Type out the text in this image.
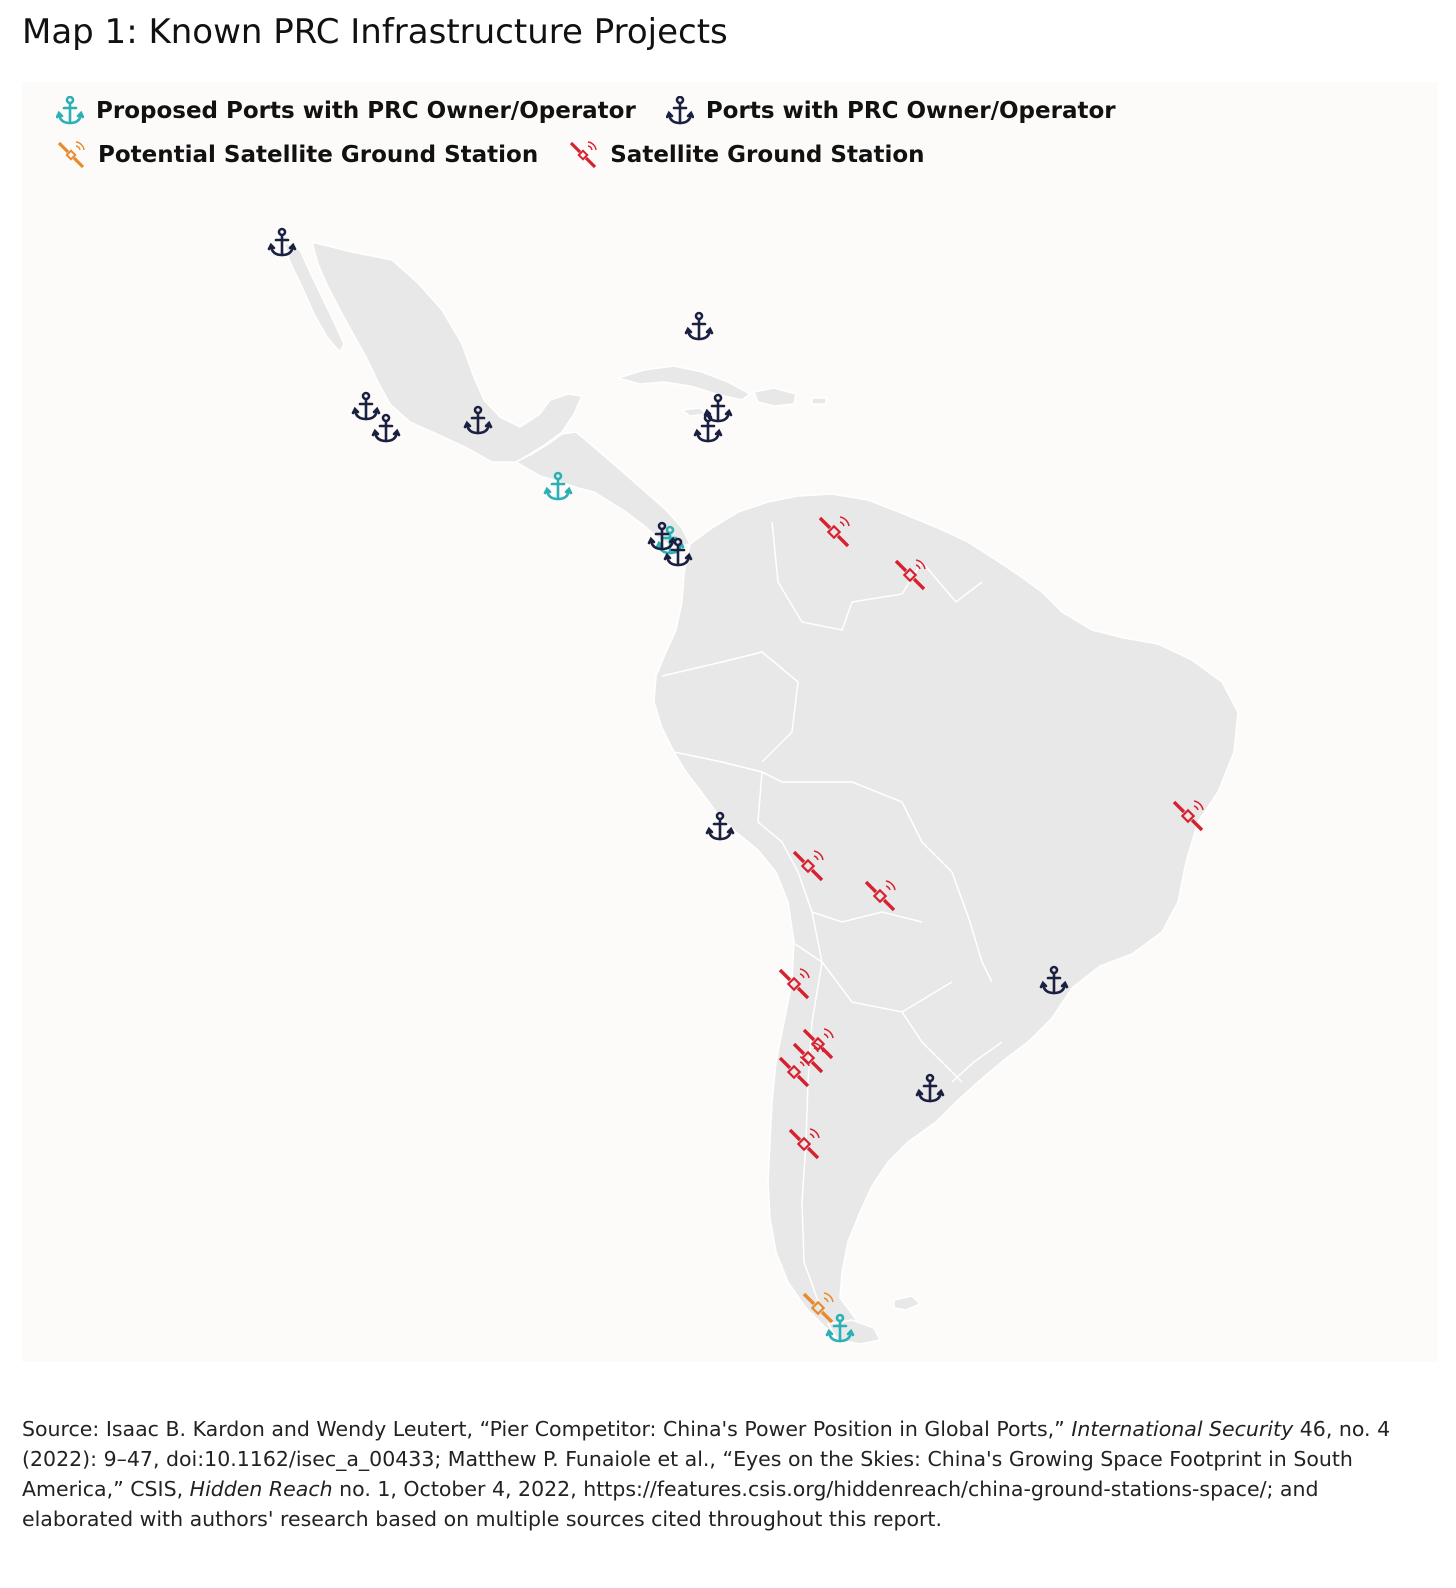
Map 1: Known PRC Infrastructure Projects
Proposed Ports with PRC Owner/Operator	Ports with PRC Owner/Operator
Potential Satellite Ground Station	Satellite Ground Station
Source: Isaac B. Kardon and Wendy Leutert, “Pier Competitor: China's Power Position in Global Ports,” International Security 46, no. 4 (2022): 9–47, doi:10.1162/isec_a_00433; Matthew P. Funaiole et al., “Eyes on the Skies: China's Growing Space Footprint in South America,” CSIS, Hidden Reach no. 1, October 4, 2022, https://features.csis.org/hiddenreach/china-ground-stations-space/; and elaborated with authors' research based on multiple sources cited throughout this report.
